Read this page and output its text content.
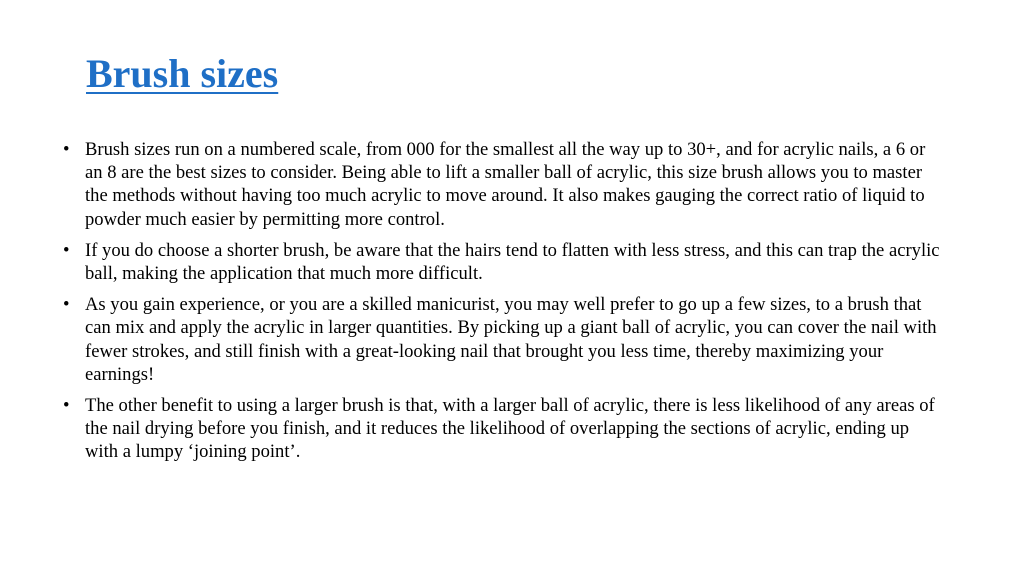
Brush sizes
• Brush sizes run on a numbered scale, from 000 for the smallest all the way up to 30+, and for acrylic nails, a 6 or an 8 are the best sizes to consider. Being able to lift a smaller ball of acrylic, this size brush allows you to master the methods without having too much acrylic to move around. It also makes gauging the correct ratio of liquid to powder much easier by permitting more control.
• If you do choose a shorter brush, be aware that the hairs tend to flatten with less stress, and this can trap the acrylic ball, making the application that much more difficult.
• As you gain experience, or you are a skilled manicurist, you may well prefer to go up a few sizes, to a brush that can mix and apply the acrylic in larger quantities. By picking up a giant ball of acrylic, you can cover the nail with fewer strokes, and still finish with a great-looking nail that brought you less time, thereby maximizing your earnings!
• The other benefit to using a larger brush is that, with a larger ball of acrylic, there is less likelihood of any areas of the nail drying before you finish, and it reduces the likelihood of overlapping the sections of acrylic, ending up with a lumpy ‘joining point’.
